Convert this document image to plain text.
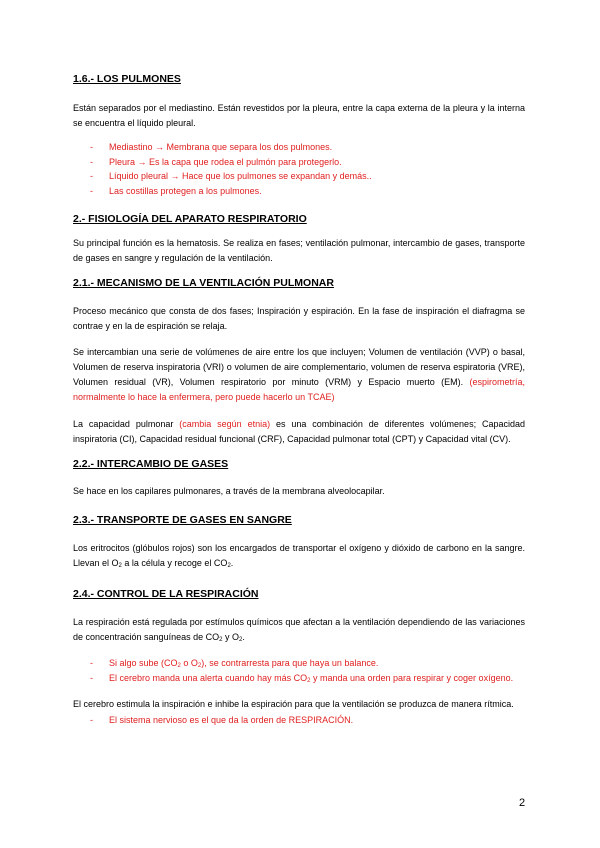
1.6.- LOS PULMONES

Están separados por el mediastino. Están revestidos por la pleura, entre la capa externa de la pleura y la interna se encuentra el líquido pleural.

- Mediastino → Membrana que separa los dos pulmones.
- Pleura → Es la capa que rodea el pulmón para protegerlo.
- Líquido pleural → Hace que los pulmones se expandan y demás..
- Las costillas protegen a los pulmones.
2.- FISIOLOGÍA DEL APARATO RESPIRATORIO

Su principal función es la hematosis. Se realiza en fases; ventilación pulmonar, intercambio de gases, transporte de gases en sangre y regulación de la ventilación.

2.1.- MECANISMO DE LA VENTILACIÓN PULMONAR

Proceso mecánico que consta de dos fases; Inspiración y espiración. En la fase de inspiración el diafragma se contrae y en la de espiración se relaja.

Se intercambian una serie de volúmenes de aire entre los que incluyen; Volumen de ventilación (VVP) o basal, Volumen de reserva inspiratoria (VRI) o volumen de aire complementario, volumen de reserva espiratoria (VRE), Volumen residual (VR), Volumen respiratorio por minuto (VRM) y Espacio muerto (EM). (espirometría, normalmente lo hace la enfermera, pero puede hacerlo un TCAE)

La capacidad pulmonar (cambia según etnia) es una combinación de diferentes volúmenes; Capacidad inspiratoria (CI), Capacidad residual funcional (CRF), Capacidad pulmonar total (CPT) y Capacidad vital (CV).

2.2.- INTERCAMBIO DE GASES

Se hace en los capilares pulmonares, a través de la membrana alveolocapilar.

2.3.- TRANSPORTE DE GASES EN SANGRE

Los eritrocitos (glóbulos rojos) son los encargados de transportar el oxígeno y dióxido de carbono en la sangre. Llevan el $O_2$ a la célula y recoge el $CO_2$.

2.4.- CONTROL DE LA RESPIRACIÓN

La respiración está regulada por estímulos químicos que afectan a la ventilación dependiendo de las variaciones de concentración sanguíneas de $CO_2$ y $O_2$.

- Si algo sube ($CO_2$ o $O_2$), se contrarresta para que haya un balance.
- El cerebro manda una alerta cuando hay más $CO_2$ y manda una orden para respirar y coger oxígeno.

El cerebro estimula la inspiración e inhibe la espiración para que la ventilación se produzca de manera rítmica.

- El sistema nervioso es el que da la orden de RESPIRACIÓN.
2
